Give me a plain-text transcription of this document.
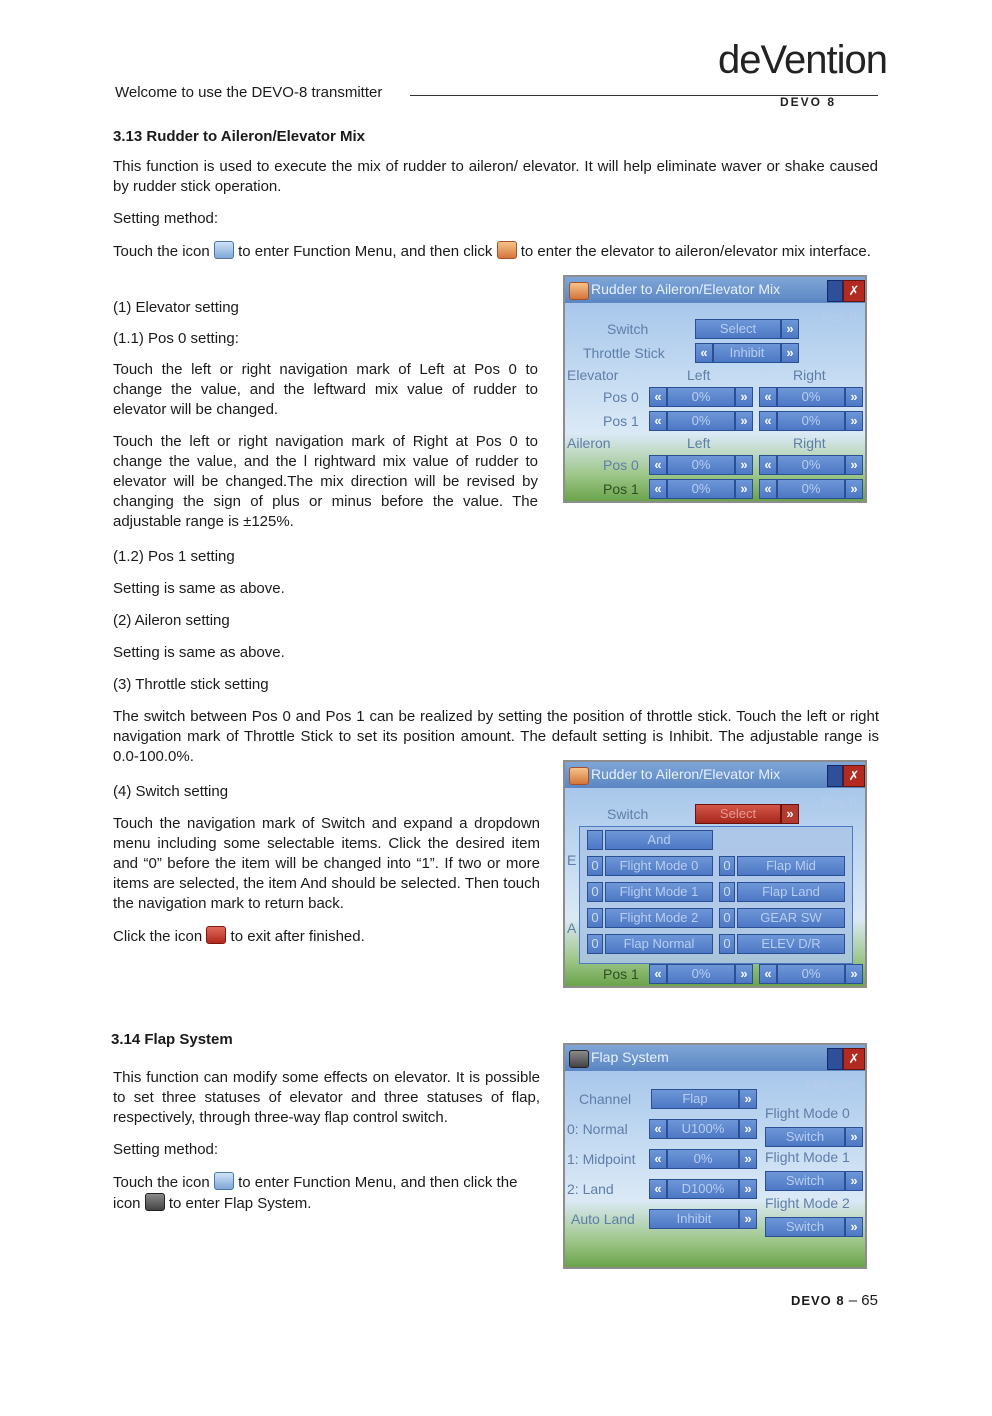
Welcome to use the DEVO-8 transmitter
deVention
DEVO 8
3.13 Rudder to Aileron/Elevator Mix
This function is used to execute the mix of rudder to aileron/ elevator. It will help eliminate waver or shake caused by rudder stick operation.
Setting method:
Touch the icon to enter Function Menu, and then click to enter the elevator to aileron/elevator mix interface.
(1) Elevator setting
(1.1) Pos 0 setting:
Touch the left or right navigation mark of Left at Pos 0 to change the value, and the leftward mix value of rudder to elevator will be changed.
Touch the left or right navigation mark of Right at Pos 0 to change the value, and the l rightward mix value of rudder to elevator will be changed.The mix direction will be revised by changing the sign of plus or minus before the value. The adjustable range is ±125%.
(1.2) Pos 1 setting
Setting is same as above.
(2) Aileron setting
Setting is same as above.
(3) Throttle stick setting
The switch between Pos 0 and Pos 1 can be realized by setting the position of throttle stick. Touch the left or right navigation mark of Throttle Stick to set its position amount. The default setting is Inhibit. The adjustable range is 0.0-100.0%.
(4) Switch setting
Touch the navigation mark of Switch and expand a dropdown menu including some selectable items. Click the desired item and “0” before the item will be changed into “1”. If two or more items are selected, the item And should be selected. Then touch the navigation mark to return back.
Click the icon to exit after finished.
Rudder to Aileron/Elevator Mix	✗
Pos 0
Switch	Select	»
Throttle Stick	«	Inhibit	»
Elevator	Left	Right
Pos 0	«	0%	»	«	0%	»
Pos 1	«	0%	»	«	0%	»
Aileron	Left	Right
Pos 0	«	0%	»	«	0%	»
Pos 1	«	0%	»	«	0%	»
Rudder to Aileron/Elevator Mix	✗
Pos 0
Switch	Select	»
E
A
And
0	Flight Mode 0	0	Flap Mid
0	Flight Mode 1	0	Flap Land
0	Flight Mode 2	0	GEAR SW
0	Flap Normal	0	ELEV D/R
Pos 1	«	0%	»	«	0%	»
3.14 Flap System
This function can modify some effects on elevator. It is possible to set three statuses of elevator and three statuses of flap, respectively, through three-way flap control switch.
Setting method:
Touch the icon to enter Function Menu, and then click the icon to enter Flap System.
Flap System	✗
Midpoint
Channel	Flap	»
0: Normal	«	U100%	»
1: Midpoint	«	0%	»
2: Land	«	D100%	»
Auto Land	Inhibit	»
Flight Mode 0
Switch	»
Flight Mode 1
Switch	»
Flight Mode 2
Switch	»
DEVO 8 – 65
